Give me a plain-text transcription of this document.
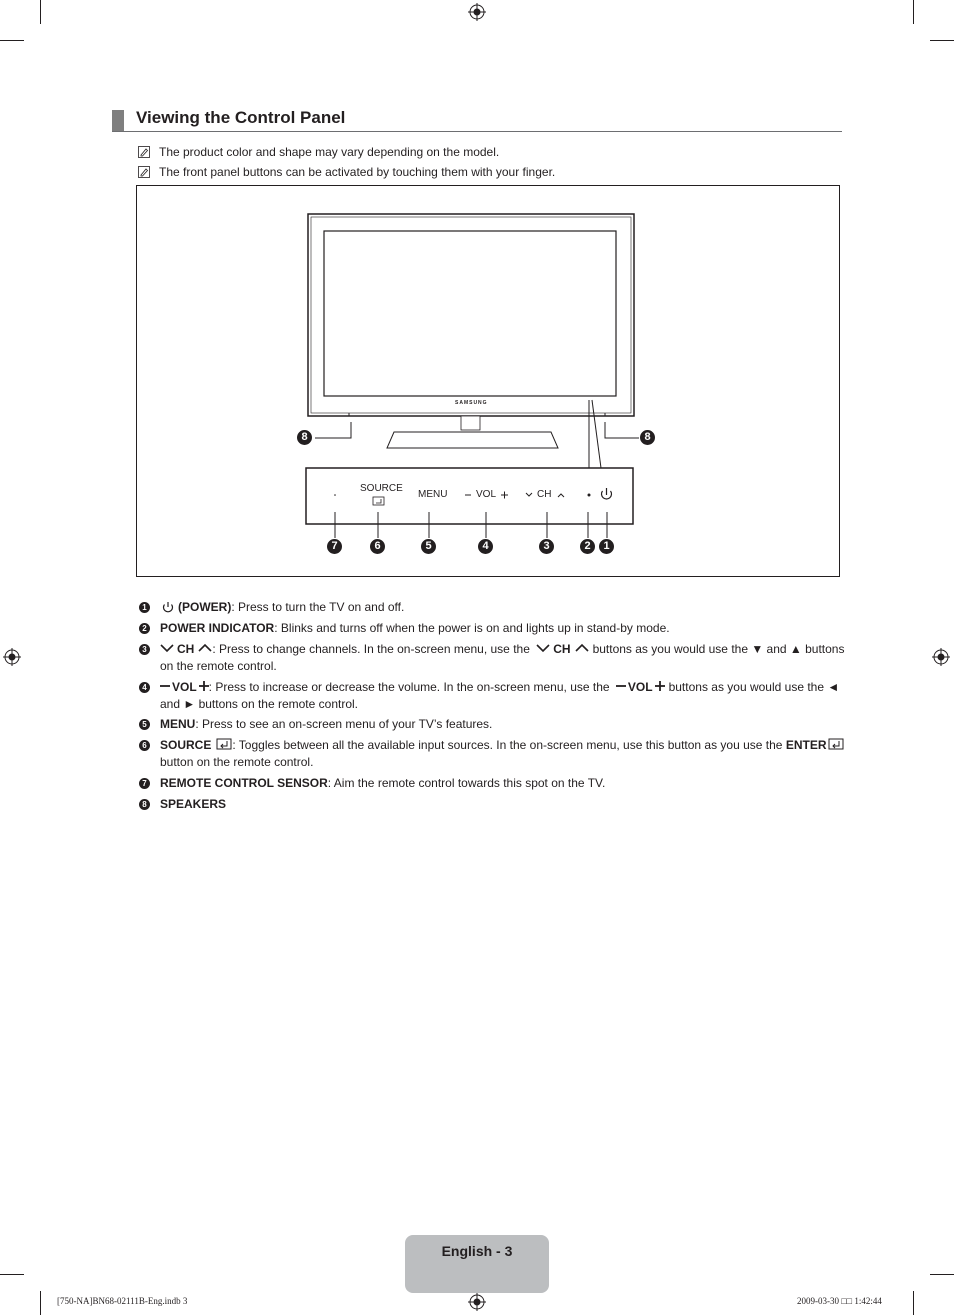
Viewing the Control Panel
The product color and shape may vary depending on the model.
The front panel buttons can be activated by touching them with your finger.
SAMSUNG
SOURCE
MENU	VOL	CH
8	8
7	6	5	4	3	2	1
1	(POWER): Press to turn the TV on and off.
2 POWER INDICATOR: Blinks and turns off when the power is on and lights up in stand-by mode.
3	CH : Press to change channels. In the on-screen menu, use the CH buttons as you would use the ▼ and ▲ buttons on the remote control.
4	VOL : Press to increase or decrease the volume. In the on-screen menu, use the VOL buttons as you would use the ◄ and ► buttons on the remote control.
5 MENU: Press to see an on-screen menu of your TV’s features.
6 SOURCE : Toggles between all the available input sources. In the on-screen menu, use this button as you use the ENTERbutton on the remote control.
7 REMOTE CONTROL SENSOR: Aim the remote control towards this spot on the TV.
8 SPEAKERS
English - 3
[750-NA]BN68-02111B-Eng.indb 3	2009-03-30 □□ 1:42:44
